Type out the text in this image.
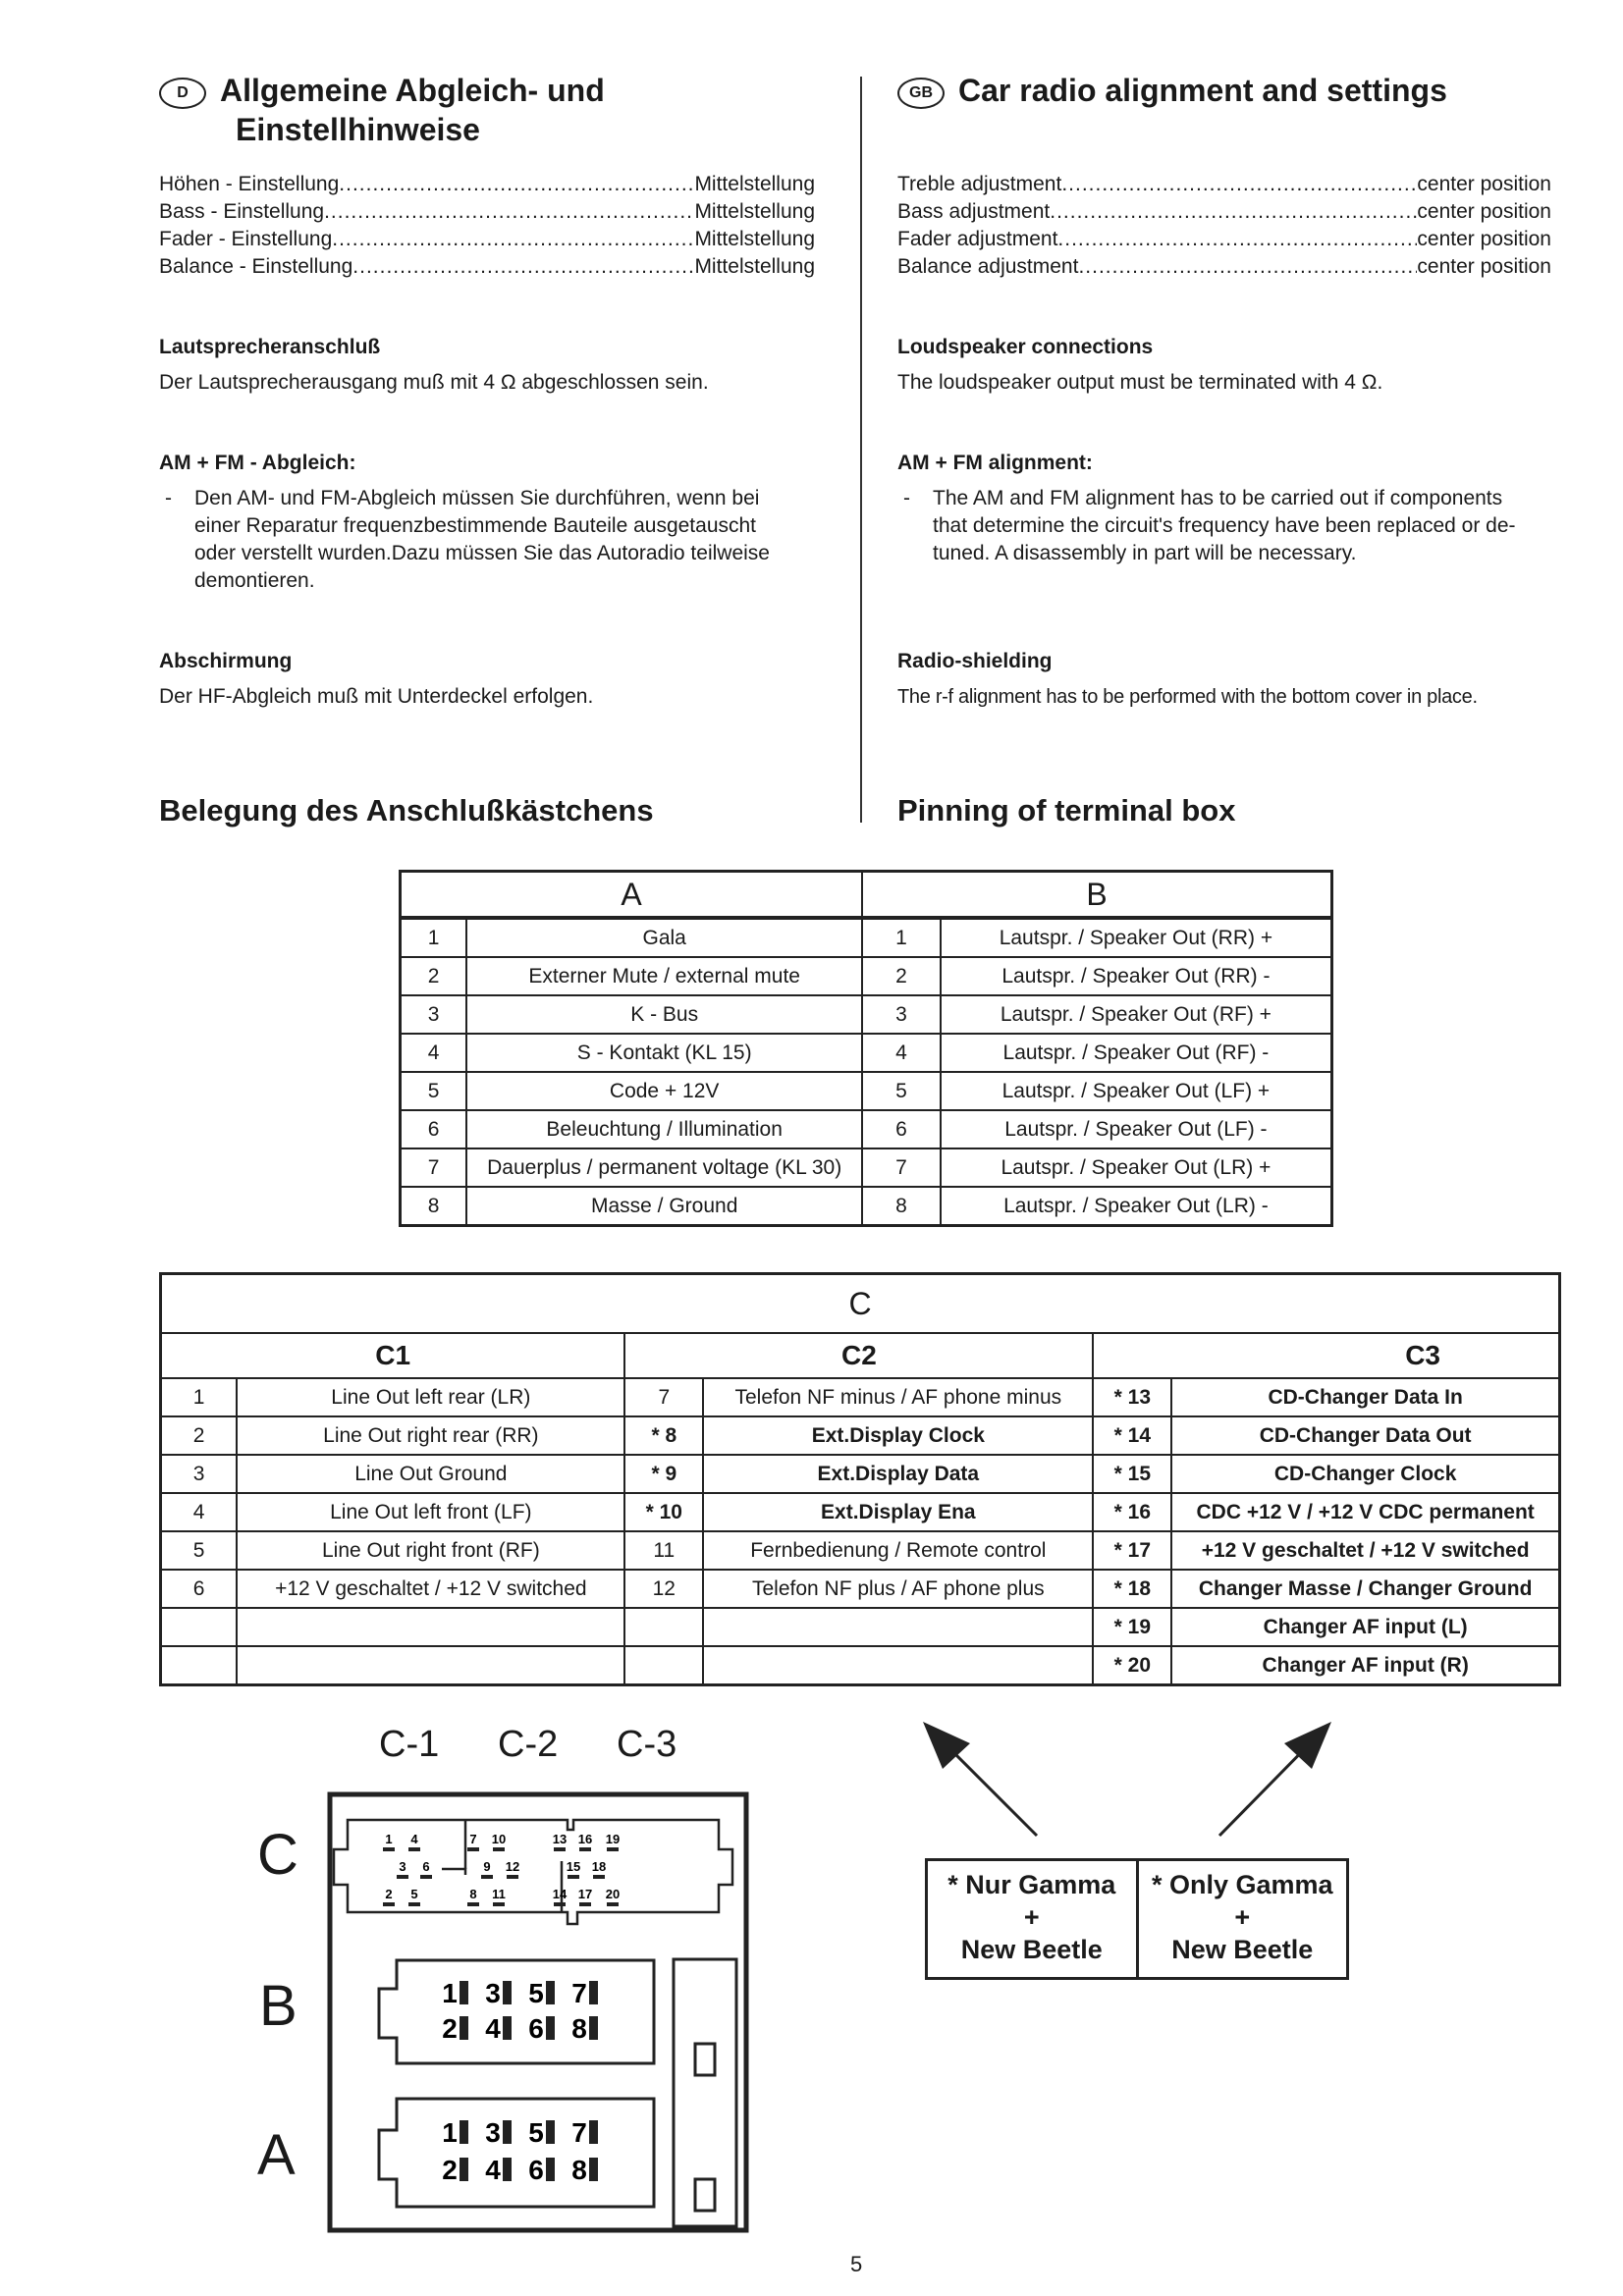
D Allgemeine Abgleich- und
Einstellhinweise
Höhen - Einstellung .....	Mittelstellung
Bass - Einstellung .....	Mittelstellung
Fader - Einstellung .....	Mittelstellung
Balance - Einstellung .....	Mittelstellung
Lautsprecheranschluß
Der Lautsprecherausgang muß mit 4 Ω abgeschlossen sein.
AM + FM - Abgleich:
-	Den AM- und FM-Abgleich müssen Sie durchführen, wenn bei
einer Reparatur frequenzbestimmende Bauteile ausgetauscht
oder verstellt wurden.Dazu müssen Sie das Autoradio teilweise
demontieren.
Abschirmung
Der HF-Abgleich muß mit Unterdeckel erfolgen.
Belegung des Anschlußkästchens
GB Car radio alignment and settings
Treble adjustment .....	center position
Bass adjustment .....	center position
Fader adjustment .....	center position
Balance adjustment .....	center position
Loudspeaker connections
The loudspeaker output must be terminated with 4 Ω.
AM + FM alignment:
-	The AM and FM alignment has to be carried out if components
that determine the circuit's frequency have been replaced or de-
tuned. A disassembly in part will be necessary.
Radio-shielding
The r-f alignment has to be performed with the bottom cover in place.
Pinning of terminal box
A		B	
1	Gala	1	Lautspr. / Speaker Out (RR) +
2	Externer Mute / external mute	2	Lautspr. / Speaker Out (RR) -
3	K - Bus	3	Lautspr. / Speaker Out (RF) +
4	S - Kontakt (KL 15)	4	Lautspr. / Speaker Out (RF) -
5	Code + 12V	5	Lautspr. / Speaker Out (LF) +
6	Beleuchtung / Illumination	6	Lautspr. / Speaker Out (LF) -
7	Dauerplus / permanent voltage (KL 30)	7	Lautspr. / Speaker Out (LR) +
8	Masse / Ground	8	Lautspr. / Speaker Out (LR) -
C					
C1		C2		C3	
1	Line Out left rear (LR)	7	Telefon NF minus / AF phone minus	* 13	CD-Changer Data In
2	Line Out right rear (RR)	* 8	Ext.Display Clock	* 14	CD-Changer Data Out
3	Line Out Ground	* 9	Ext.Display Data	* 15	CD-Changer Clock
4	Line Out left front (LF)	* 10	Ext.Display Ena	* 16	CDC +12 V / +12 V CDC permanent
5	Line Out right front (RF)	11	Fernbedienung / Remote control	* 17	+12 V geschaltet / +12 V switched
6	+12 V geschaltet / +12 V switched	12	Telefon NF plus / AF phone plus	* 18	Changer Masse / Changer Ground
				* 19	Changer AF input (L)
				* 20	Changer AF input (R)
C-1 C-2 C-3
C
B
A
1 4	7 10	13 16 19
3 6	9 12	15 18
2 5	8 11	14 17 20
1 3 5 7
1 3 5 7
2 4 6 8
2 4 6 8
* Nur Gamma
+
New Beetle
* Only Gamma
+
New Beetle
5
